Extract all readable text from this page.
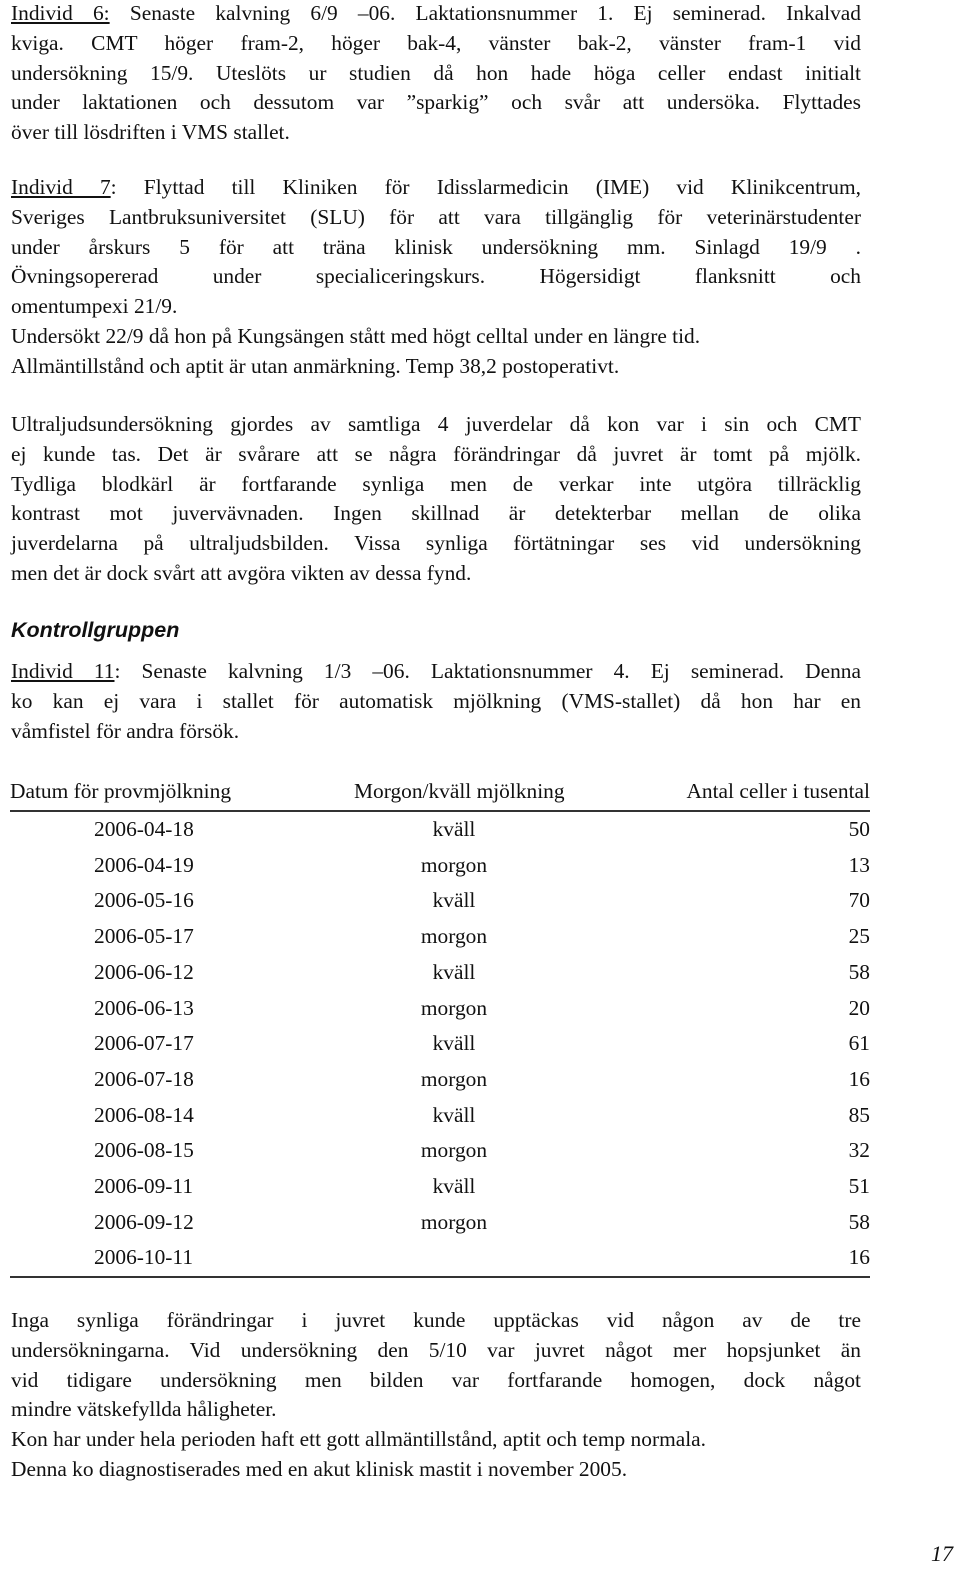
Individ 6: Senaste kalvning 6/9 –06. Laktationsnummer 1. Ej seminerad. Inkalvad
kviga. CMT höger fram-2, höger bak-4, vänster bak-2, vänster fram-1 vid
undersökning 15/9. Uteslöts ur studien då hon hade höga celler endast initialt
under laktationen och dessutom var ”sparkig” och svår att undersöka. Flyttades
över till lösdriften i VMS stallet.
Individ 7: Flyttad till Kliniken för Idisslarmedicin (IME) vid Klinikcentrum,
Sveriges Lantbruksuniversitet (SLU) för att vara tillgänglig för veterinärstudenter
under årskurs 5 för att träna klinisk undersökning mm. Sinlagd 19/9 .
Övningsopererad under specialiceringskurs. Högersidigt flanksnitt och
omentumpexi 21/9.
Undersökt 22/9 då hon på Kungsängen stått med högt celltal under en längre tid.
Allmäntillstånd och aptit är utan anmärkning. Temp 38,2 postoperativt.
Ultraljudsundersökning gjordes av samtliga 4 juverdelar då kon var i sin och CMT
ej kunde tas. Det är svårare att se några förändringar då juvret är tomt på mjölk.
Tydliga blodkärl är fortfarande synliga men de verkar inte utgöra tillräcklig
kontrast mot juvervävnaden. Ingen skillnad är detekterbar mellan de olika
juverdelarna på ultraljudsbilden. Vissa synliga förtätningar ses vid undersökning
men det är dock svårt att avgöra vikten av dessa fynd.
Kontrollgruppen
Individ 11: Senaste kalvning 1/3 –06. Laktationsnummer 4. Ej seminerad. Denna
ko kan ej vara i stallet för automatisk mjölkning (VMS-stallet) då hon har en
våmfistel för andra försök.
Datum för provmjölkning	Morgon/kväll mjölkning	Antal celler i tusental
2006-04-18	kväll	50
2006-04-19	morgon	13
2006-05-16	kväll	70
2006-05-17	morgon	25
2006-06-12	kväll	58
2006-06-13	morgon	20
2006-07-17	kväll	61
2006-07-18	morgon	16
2006-08-14	kväll	85
2006-08-15	morgon	32
2006-09-11	kväll	51
2006-09-12	morgon	58
2006-10-11		16
Inga synliga förändringar i juvret kunde upptäckas vid någon av de tre
undersökningarna. Vid undersökning den 5/10 var juvret något mer hopsjunket än
vid tidigare undersökning men bilden var fortfarande homogen, dock något
mindre vätskefyllda håligheter.
Kon har under hela perioden haft ett gott allmäntillstånd, aptit och temp normala.
Denna ko diagnostiserades med en akut klinisk mastit i november 2005.
17
